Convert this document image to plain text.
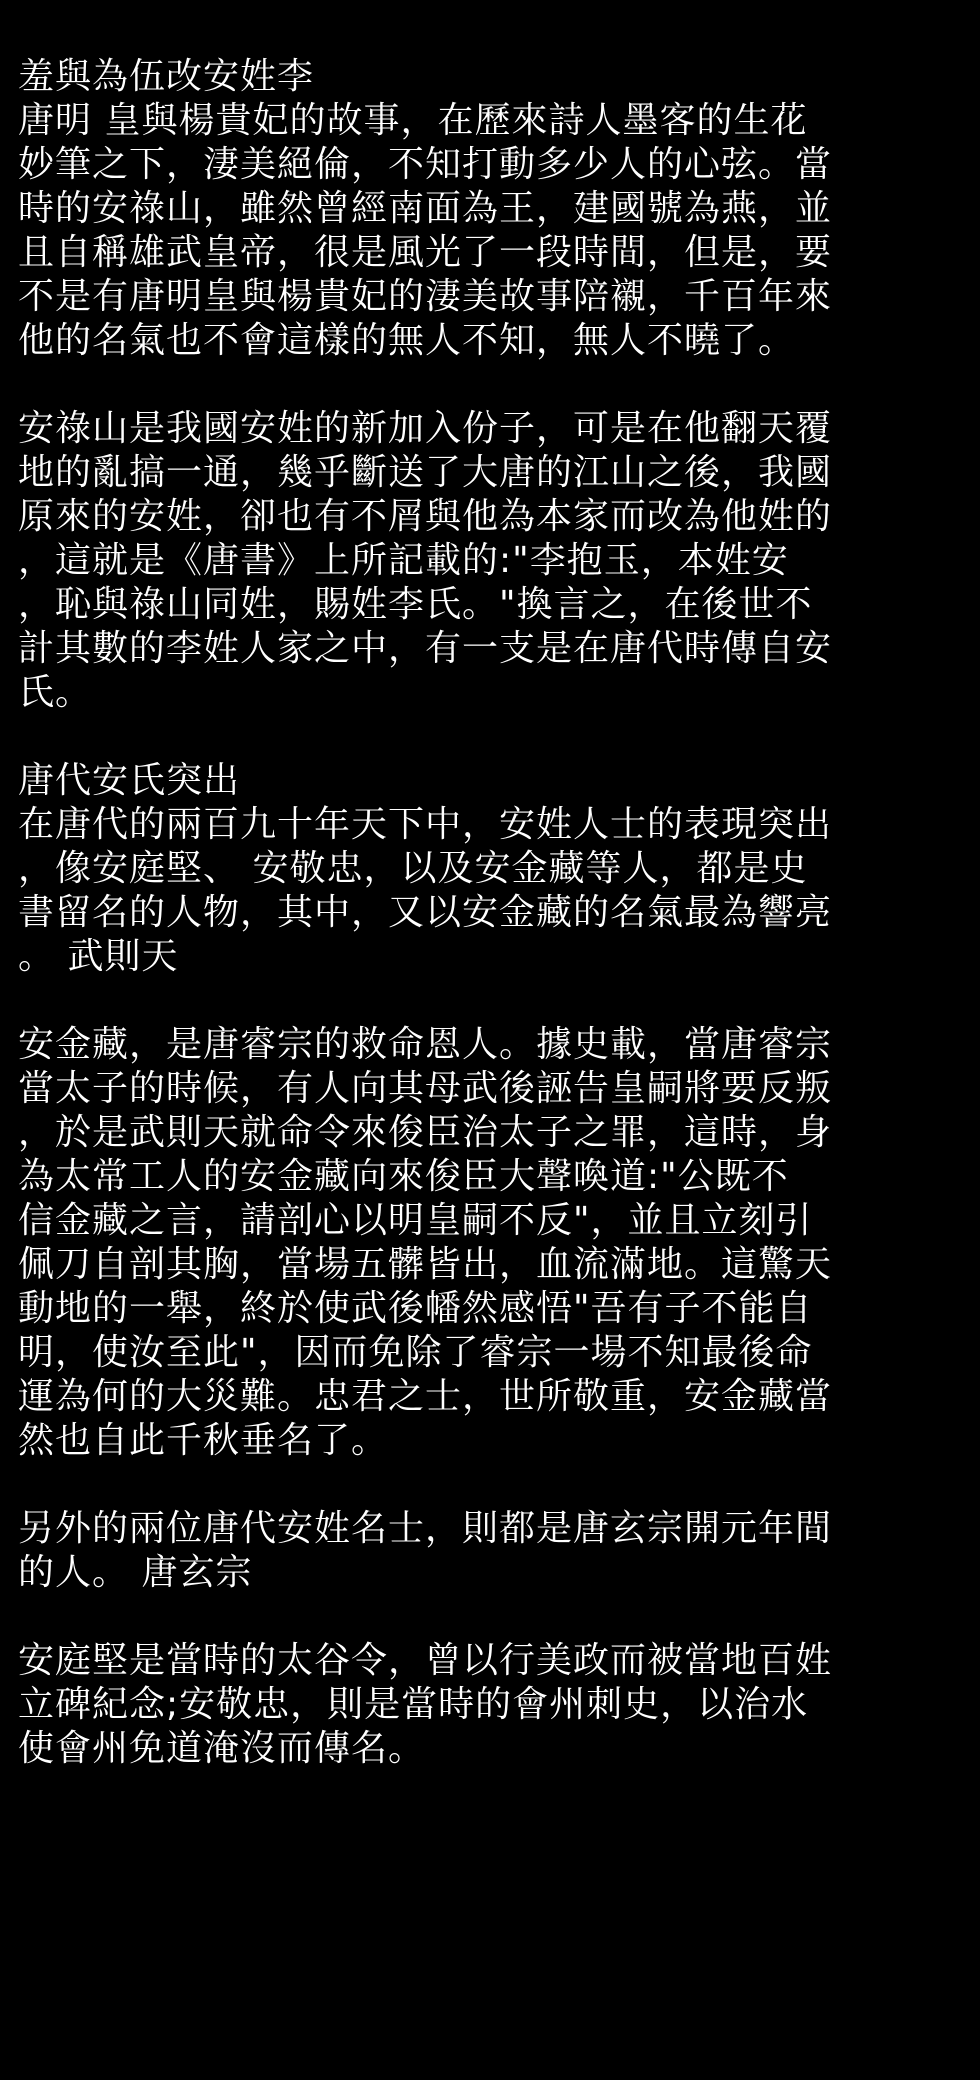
羞與為伍改安姓李
唐明 皇與楊貴妃的故事，在歷來詩人墨客的生花
妙筆之下，淒美絕倫，不知打動多少人的心弦。當
時的安祿山，雖然曾經南面為王，建國號為燕，並
且自稱雄武皇帝，很是風光了一段時間，但是，要
不是有唐明皇與楊貴妃的淒美故事陪襯，千百年來
他的名氣也不會這樣的無人不知，無人不曉了。
安祿山是我國安姓的新加入份子，可是在他翻天覆
地的亂搞一通，幾乎斷送了大唐的江山之後，我國
原來的安姓，卻也有不屑與他為本家而改為他姓的
，這就是《唐書》上所記載的:"李抱玉，本姓安
，恥與祿山同姓，賜姓李氏。"換言之，在後世不
計其數的李姓人家之中，有一支是在唐代時傳自安
氏。
唐代安氏突出
在唐代的兩百九十年天下中，安姓人士的表現突出
，像安庭堅、 安敬忠，以及安金藏等人，都是史
書留名的人物，其中，又以安金藏的名氣最為響亮
。 武則天
安金藏，是唐睿宗的救命恩人。據史載，當唐睿宗
當太子的時候，有人向其母武後誣告皇嗣將要反叛
，於是武則天就命令來俊臣治太子之罪，這時，身
為太常工人的安金藏向來俊臣大聲喚道:"公既不
信金藏之言，請剖心以明皇嗣不反"，並且立刻引
佩刀自剖其胸，當場五髒皆出，血流滿地。這驚天
動地的一舉，終於使武後幡然感悟"吾有子不能自
明，使汝至此"，因而免除了睿宗一場不知最後命
運為何的大災難。忠君之士，世所敬重，安金藏當
然也自此千秋垂名了。
另外的兩位唐代安姓名士，則都是唐玄宗開元年間
的人。 唐玄宗
安庭堅是當時的太谷令，曾以行美政而被當地百姓
立碑紀念;安敬忠，則是當時的會州刺史，以治水
使會州免道淹沒而傳名。
